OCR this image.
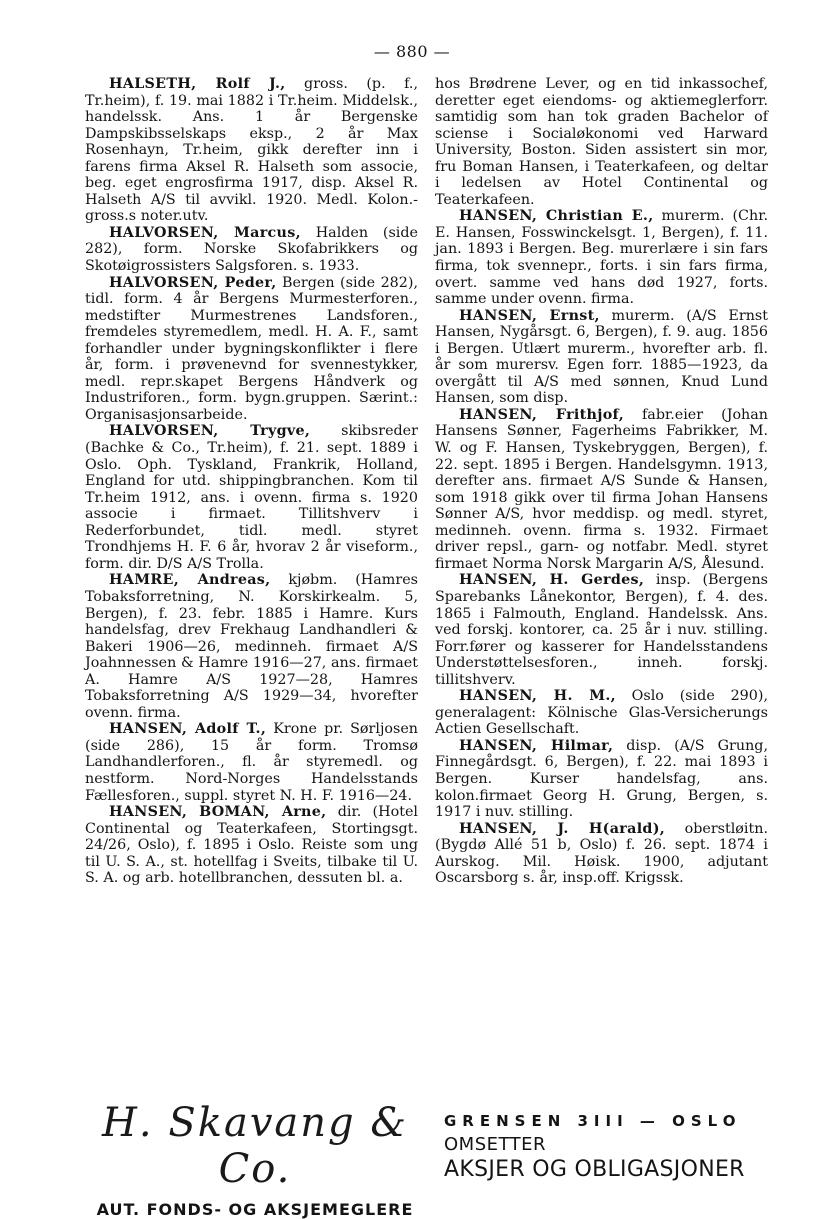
— 880 —

HALSETH, Rolf J., gross. (p. f., Tr.heim), f. 19. mai 1882 i Tr.heim. Middelsk., handelssk. Ans. 1 år Bergenske Dampskibsselskaps eksp., 2 år Max Rosenhayn, Tr.heim, gikk derefter inn i farens firma Aksel R. Halseth som associe, beg. eget engrosfirma 1917, disp. Aksel R. Halseth A/S til avvikl. 1920. Medl. Kolon.-gross.s noter.utv.

HALVORSEN, Marcus, Halden (side 282), form. Norske Skofabrikkers og Skotøigrossisters Salgsforen. s. 1933.

HALVORSEN, Peder, Bergen (side 282), tidl. form. 4 år Bergens Murmesterforen., medstifter Murmestrenes Landsforen., fremdeles styremedlem, medl. H. A. F., samt forhandler under bygningskonflikter i flere år, form. i prøvenevnd for svennestykker, medl. repr.skapet Bergens Håndverk og Industriforen., form. bygn.gruppen. Særint.: Organisasjonsarbeide.

HALVORSEN, Trygve, skibsreder (Bachke & Co., Tr.heim), f. 21. sept. 1889 i Oslo. Oph. Tyskland, Frankrik, Holland, England for utd. shippingbranchen. Kom til Tr.heim 1912, ans. i ovenn. firma s. 1920 associe i firmaet. Tillitshverv i Rederforbundet, tidl. medl. styret Trondhjems H. F. 6 år, hvorav 2 år viseform., form. dir. D/S A/S Trolla.

HAMRE, Andreas, kjøbm. (Hamres Tobaksforretning, N. Korskirkealm. 5, Bergen), f. 23. febr. 1885 i Hamre. Kurs handelsfag, drev Frekhaug Landhandleri & Bakeri 1906—26, medinneh. firmaet A/S Joahnnessen & Hamre 1916—27, ans. firmaet A. Hamre A/S 1927—28, Hamres Tobaksforretning A/S 1929—34, hvorefter ovenn. firma.

HANSEN, Adolf T., Krone pr. Sørljosen (side 286), 15 år form. Tromsø Landhandlerforen., fl. år styremedl. og nestform. Nord-Norges Handelsstands Fællesforen., suppl. styret N. H. F. 1916—24.

HANSEN, BOMAN, Arne, dir. (Hotel Continental og Teaterkafeen, Stortingsgt. 24/26, Oslo), f. 1895 i Oslo. Reiste som ung til U. S. A., st. hotellfag i Sveits, tilbake til U. S. A. og arb. hotellbranchen, dessuten bl. a.

hos Brødrene Lever, og en tid inkassochef, deretter eget eiendoms- og aktiemeglerforr. samtidig som han tok graden Bachelor of sciense i Socialøkonomi ved Harward University, Boston. Siden assistert sin mor, fru Boman Hansen, i Teaterkafeen, og deltar i ledelsen av Hotel Continental og Teaterkafeen.

HANSEN, Christian E., murerm. (Chr. E. Hansen, Fosswinckelsgt. 1, Bergen), f. 11. jan. 1893 i Bergen. Beg. murerlære i sin fars firma, tok svennepr., forts. i sin fars firma, overt. samme ved hans død 1927, forts. samme under ovenn. firma.

HANSEN, Ernst, murerm. (A/S Ernst Hansen, Nygårsgt. 6, Bergen), f. 9. aug. 1856 i Bergen. Utlært murerm., hvorefter arb. fl. år som murersv. Egen forr. 1885—1923, da overgått til A/S med sønnen, Knud Lund Hansen, som disp.

HANSEN, Frithjof, fabr.eier (Johan Hansens Sønner, Fagerheims Fabrikker, M. W. og F. Hansen, Tyskebryggen, Bergen), f. 22. sept. 1895 i Bergen. Handelsgymn. 1913, derefter ans. firmaet A/S Sunde & Hansen, som 1918 gikk over til firma Johan Hansens Sønner A/S, hvor meddisp. og medl. styret, medinneh. ovenn. firma s. 1932. Firmaet driver repsl., garn- og notfabr. Medl. styret firmaet Norma Norsk Margarin A/S, Ålesund.

HANSEN, H. Gerdes, insp. (Bergens Sparebanks Lånekontor, Bergen), f. 4. des. 1865 i Falmouth, England. Handelssk. Ans. ved forskj. kontorer, ca. 25 år i nuv. stilling. Forr.fører og kasserer for Handelsstandens Understøttelsesforen., inneh. forskj. tillitshverv.

HANSEN, H. M., Oslo (side 290), generalagent: Kölnische Glas-Versicherungs Actien Gesellschaft.

HANSEN, Hilmar, disp. (A/S Grung, Finnegårdsgt. 6, Bergen), f. 22. mai 1893 i Bergen. Kurser handelsfag, ans. kolon.firmaet Georg H. Grung, Bergen, s. 1917 i nuv. stilling.

HANSEN, J. H(arald), oberstløitn. (Bygdø Allé 51 b, Oslo) f. 26. sept. 1874 i Aurskog. Mil. Høisk. 1900, adjutant Oscarsborg s. år, insp.off. Krigssk.

H. Skavang & Co.
AUT. FONDS- OG AKSJEMEGLERE
GRENSEN 3III — OSLO
OMSETTER
AKSJER OG OBLIGASJONER
